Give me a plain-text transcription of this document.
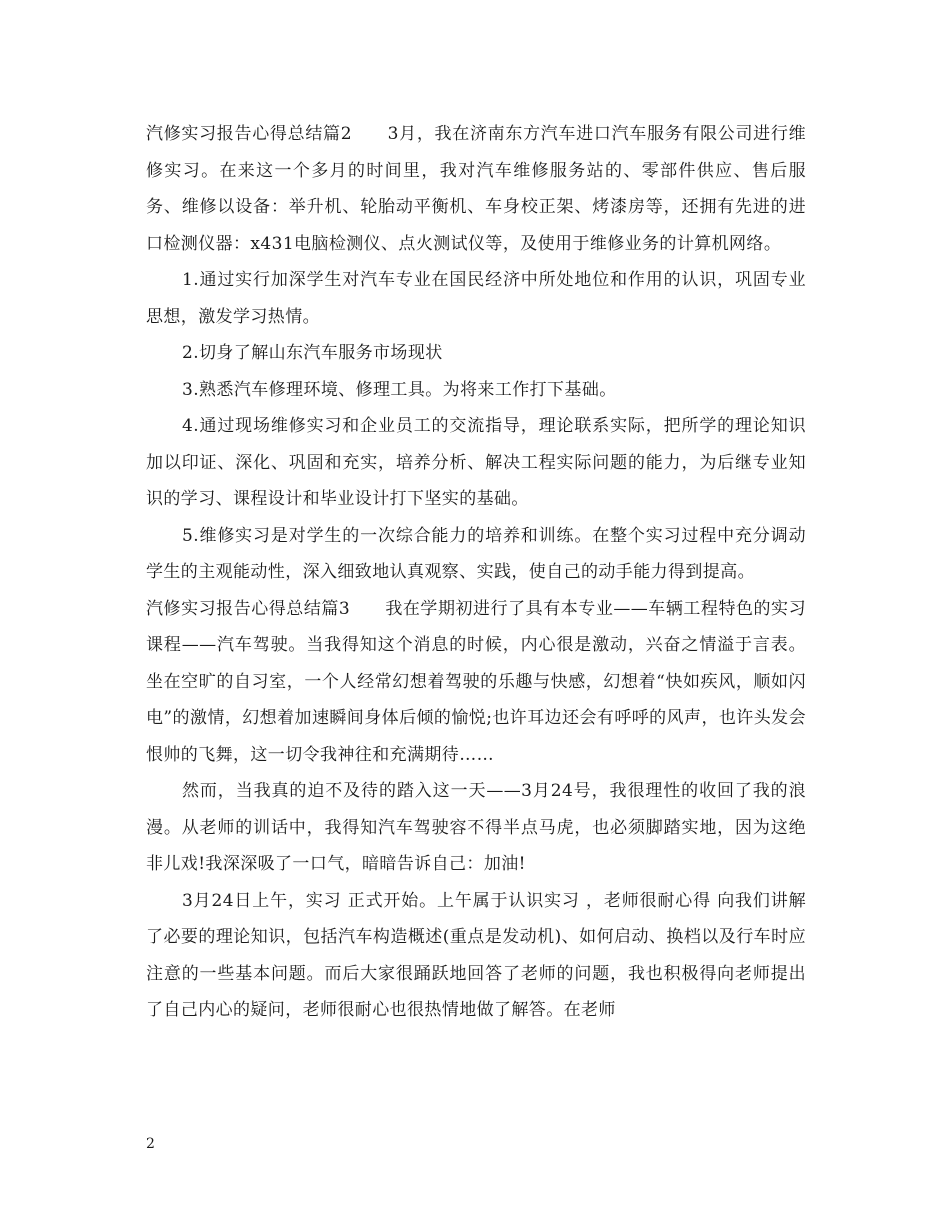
汽修实习报告心得总结篇2　　3月，我在济南东方汽车进口汽车服务有限公司进行维修实习。在来这一个多月的时间里，我对汽车维修服务站的、零部件供应、售后服务、维修以设备：举升机、轮胎动平衡机、车身校正架、烤漆房等，还拥有先进的进口检测仪器：x431电脑检测仪、点火测试仪等，及使用于维修业务的计算机网络。

1.通过实行加深学生对汽车专业在国民经济中所处地位和作用的认识，巩固专业思想，激发学习热情。

2.切身了解山东汽车服务市场现状

3.熟悉汽车修理环境、修理工具。为将来工作打下基础。

4.通过现场维修实习和企业员工的交流指导，理论联系实际，把所学的理论知识加以印证、深化、巩固和充实，培养分析、解决工程实际问题的能力，为后继专业知识的学习、课程设计和毕业设计打下坚实的基础。

5.维修实习是对学生的一次综合能力的培养和训练。在整个实习过程中充分调动学生的主观能动性，深入细致地认真观察、实践，使自己的动手能力得到提高。

汽修实习报告心得总结篇3　　我在学期初进行了具有本专业——车辆工程特色的实习 课程——汽车驾驶。当我得知这个消息的时候，内心很是激动，兴奋之情溢于言表。坐在空旷的自习室，一个人经常幻想着驾驶的乐趣与快感，幻想着“快如疾风，顺如闪电”的激情，幻想着加速瞬间身体后倾的愉悦;也许耳边还会有呼呼的风声，也许头发会恨帅的飞舞，这一切令我神往和充满期待……

然而，当我真的迫不及待的踏入这一天——3月24号，我很理性的收回了我的浪漫。从老师的训话中，我得知汽车驾驶容不得半点马虎，也必须脚踏实地，因为这绝非儿戏!我深深吸了一口气，暗暗告诉自己：加油!

3月24日上午，实习 正式开始。上午属于认识实习 ，老师很耐心得 向我们讲解了必要的理论知识，包括汽车构造概述(重点是发动机)、如何启动、换档以及行车时应注意的一些基本问题。而后大家很踊跃地回答了老师的问题，我也积极得向老师提出了自己内心的疑问，老师很耐心也很热情地做了解答。在老师

2
